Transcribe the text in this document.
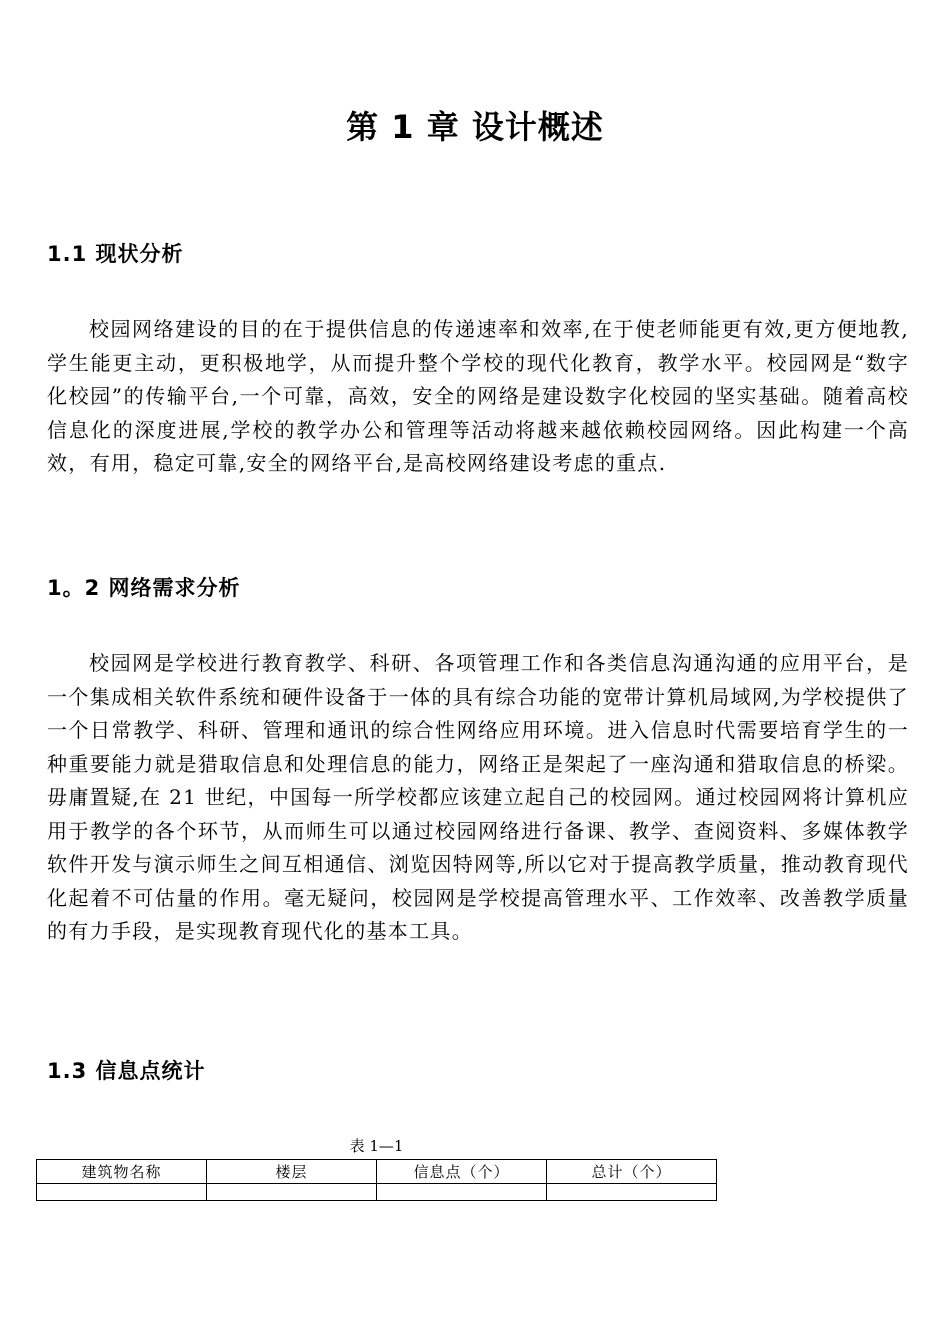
第 1 章 设计概述
1.1 现状分析

校园网络建设的目的在于提供信息的传递速率和效率,在于使老师能更有效,更方便地教,学生能更主动，更积极地学，从而提升整个学校的现代化教育，教学水平。校园网是“数字化校园”的传输平台,一个可靠，高效，安全的网络是建设数字化校园的坚实基础。随着高校信息化的深度进展,学校的教学办公和管理等活动将越来越依赖校园网络。因此构建一个高效，有用，稳定可靠,安全的网络平台,是高校网络建设考虑的重点.

1。2 网络需求分析

校园网是学校进行教育教学、科研、各项管理工作和各类信息沟通沟通的应用平台，是一个集成相关软件系统和硬件设备于一体的具有综合功能的宽带计算机局域网,为学校提供了一个日常教学、科研、管理和通讯的综合性网络应用环境。进入信息时代需要培育学生的一种重要能力就是猎取信息和处理信息的能力，网络正是架起了一座沟通和猎取信息的桥梁。毋庸置疑,在 21 世纪，中国每一所学校都应该建立起自己的校园网。通过校园网将计算机应用于教学的各个环节，从而师生可以通过校园网络进行备课、教学、查阅资料、多媒体教学软件开发与演示师生之间互相通信、浏览因特网等,所以它对于提高教学质量，推动教育现代化起着不可估量的作用。毫无疑问，校园网是学校提高管理水平、工作效率、改善教学质量的有力手段，是实现教育现代化的基本工具。

1.3 信息点统计
表 1—1
建筑物名称	楼层	信息点（个）	总计（个）
